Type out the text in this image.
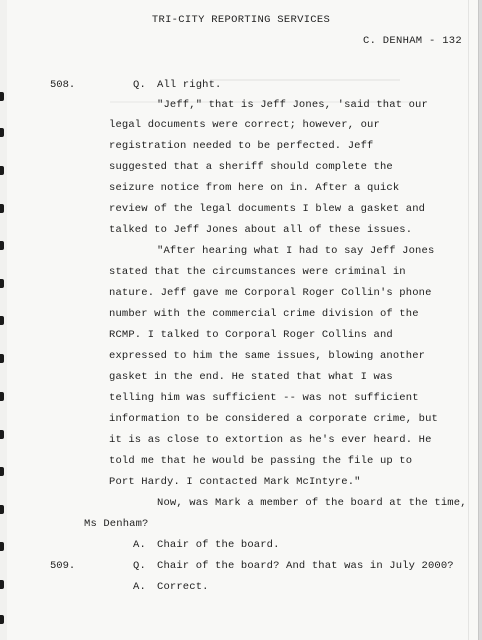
TRI-CITY REPORTING SERVICES
C. DENHAM - 132
508.	Q. All right.
"Jeff," that is Jeff Jones, 'said that our
legal documents were correct; however, our
registration needed to be perfected. Jeff
suggested that a sheriff should complete the
seizure notice from here on in. After a quick
review of the legal documents I blew a gasket and
talked to Jeff Jones about all of these issues.
"After hearing what I had to say Jeff Jones
stated that the circumstances were criminal in
nature. Jeff gave me Corporal Roger Collin's phone
number with the commercial crime division of the
RCMP. I talked to Corporal Roger Collins and
expressed to him the same issues, blowing another
gasket in the end. He stated that what I was
telling him was sufficient -- was not sufficient
information to be considered a corporate crime, but
it is as close to extortion as he's ever heard. He
told me that he would be passing the file up to
Port Hardy. I contacted Mark McIntyre."
Now, was Mark a member of the board at the time,
Ms Denham?
A. Chair of the board.
509.	Q. Chair of the board? And that was in July 2000?
A. Correct.
